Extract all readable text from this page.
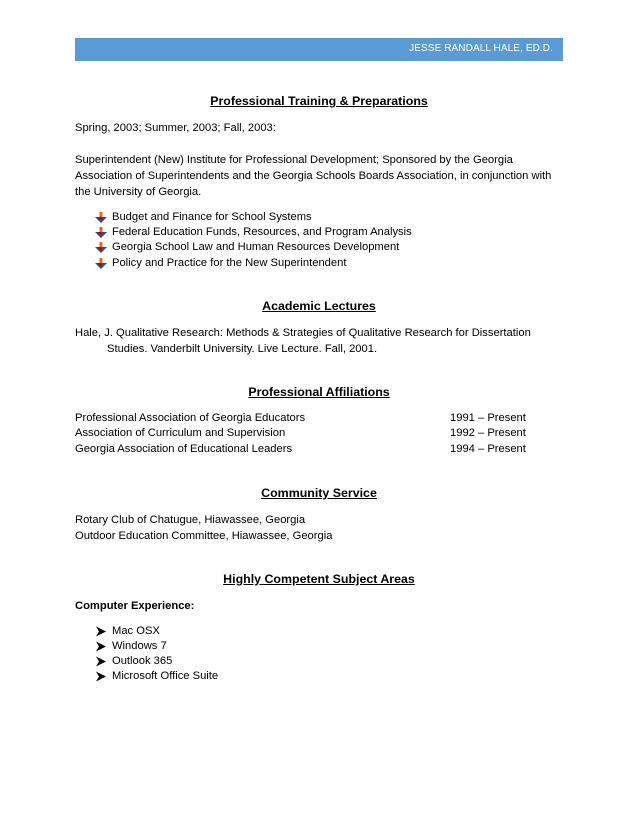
JESSE RANDALL HALE, ED.D.
Professional Training & Preparations

Spring, 2003; Summer, 2003; Fall, 2003:

Superintendent (New) Institute for Professional Development; Sponsored by the Georgia Association of Superintendents and the Georgia Schools Boards Association, in conjunction with the University of Georgia.

Budget and Finance for School Systems
Federal Education Funds, Resources, and Program Analysis
Georgia School Law and Human Resources Development
Policy and Practice for the New Superintendent
Academic Lectures

Hale, J. Qualitative Research: Methods & Strategies of Qualitative Research for Dissertation Studies. Vanderbilt University. Live Lecture. Fall, 2001.

Professional Affiliations
Professional Association of Georgia Educators	1991 – Present
Association of Curriculum and Supervision	1992 – Present
Georgia Association of Educational Leaders	1994 – Present
Community Service

Rotary Club of Chatugue, Hiawassee, Georgia

Outdoor Education Committee, Hiawassee, Georgia

Highly Competent Subject Areas

Computer Experience:

Mac OSX
Windows 7
Outlook 365
Microsoft Office Suite
